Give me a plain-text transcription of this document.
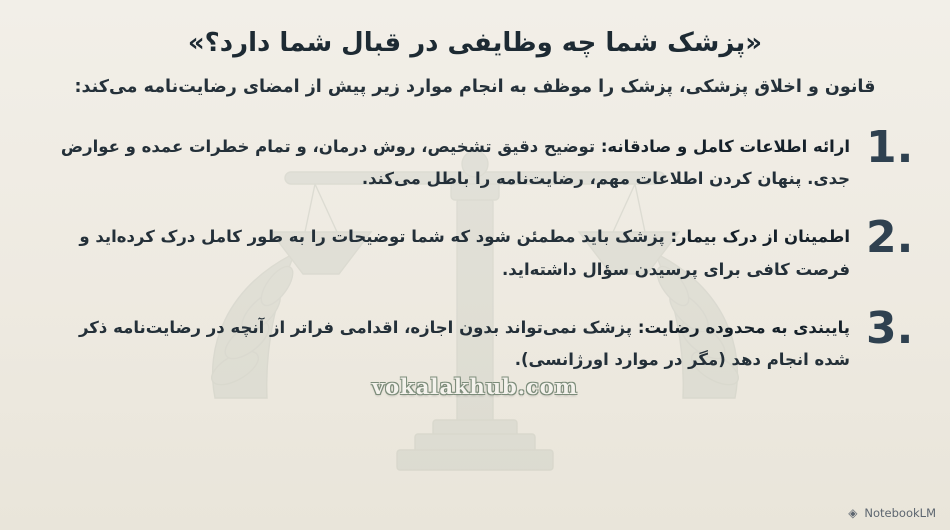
«پزشک شما چه وظایفی در قبال شما دارد؟»

قانون و اخلاق پزشکی، پزشک را موظف به انجام موارد زیر پیش از امضای رضایت‌نامه می‌کند:

1.
ارائه اطلاعات کامل و صادقانه: توضیح دقیق تشخیص، روش درمان، و تمام خطرات عمده و عوارض جدی. پنهان کردن اطلاعات مهم، رضایت‌نامه را باطل می‌کند.
2.
اطمینان از درک بیمار: پزشک باید مطمئن شود که شما توضیحات را به طور کامل درک کرده‌اید و فرصت کافی برای پرسیدن سؤال داشته‌اید.
3.
پایبندی به محدوده رضایت: پزشک نمی‌تواند بدون اجازه، اقدامی فراتر از آنچه در رضایت‌نامه ذکر شده انجام دهد (مگر در موارد اورژانسی).
vokalakhub.com
◈ NotebookLM
